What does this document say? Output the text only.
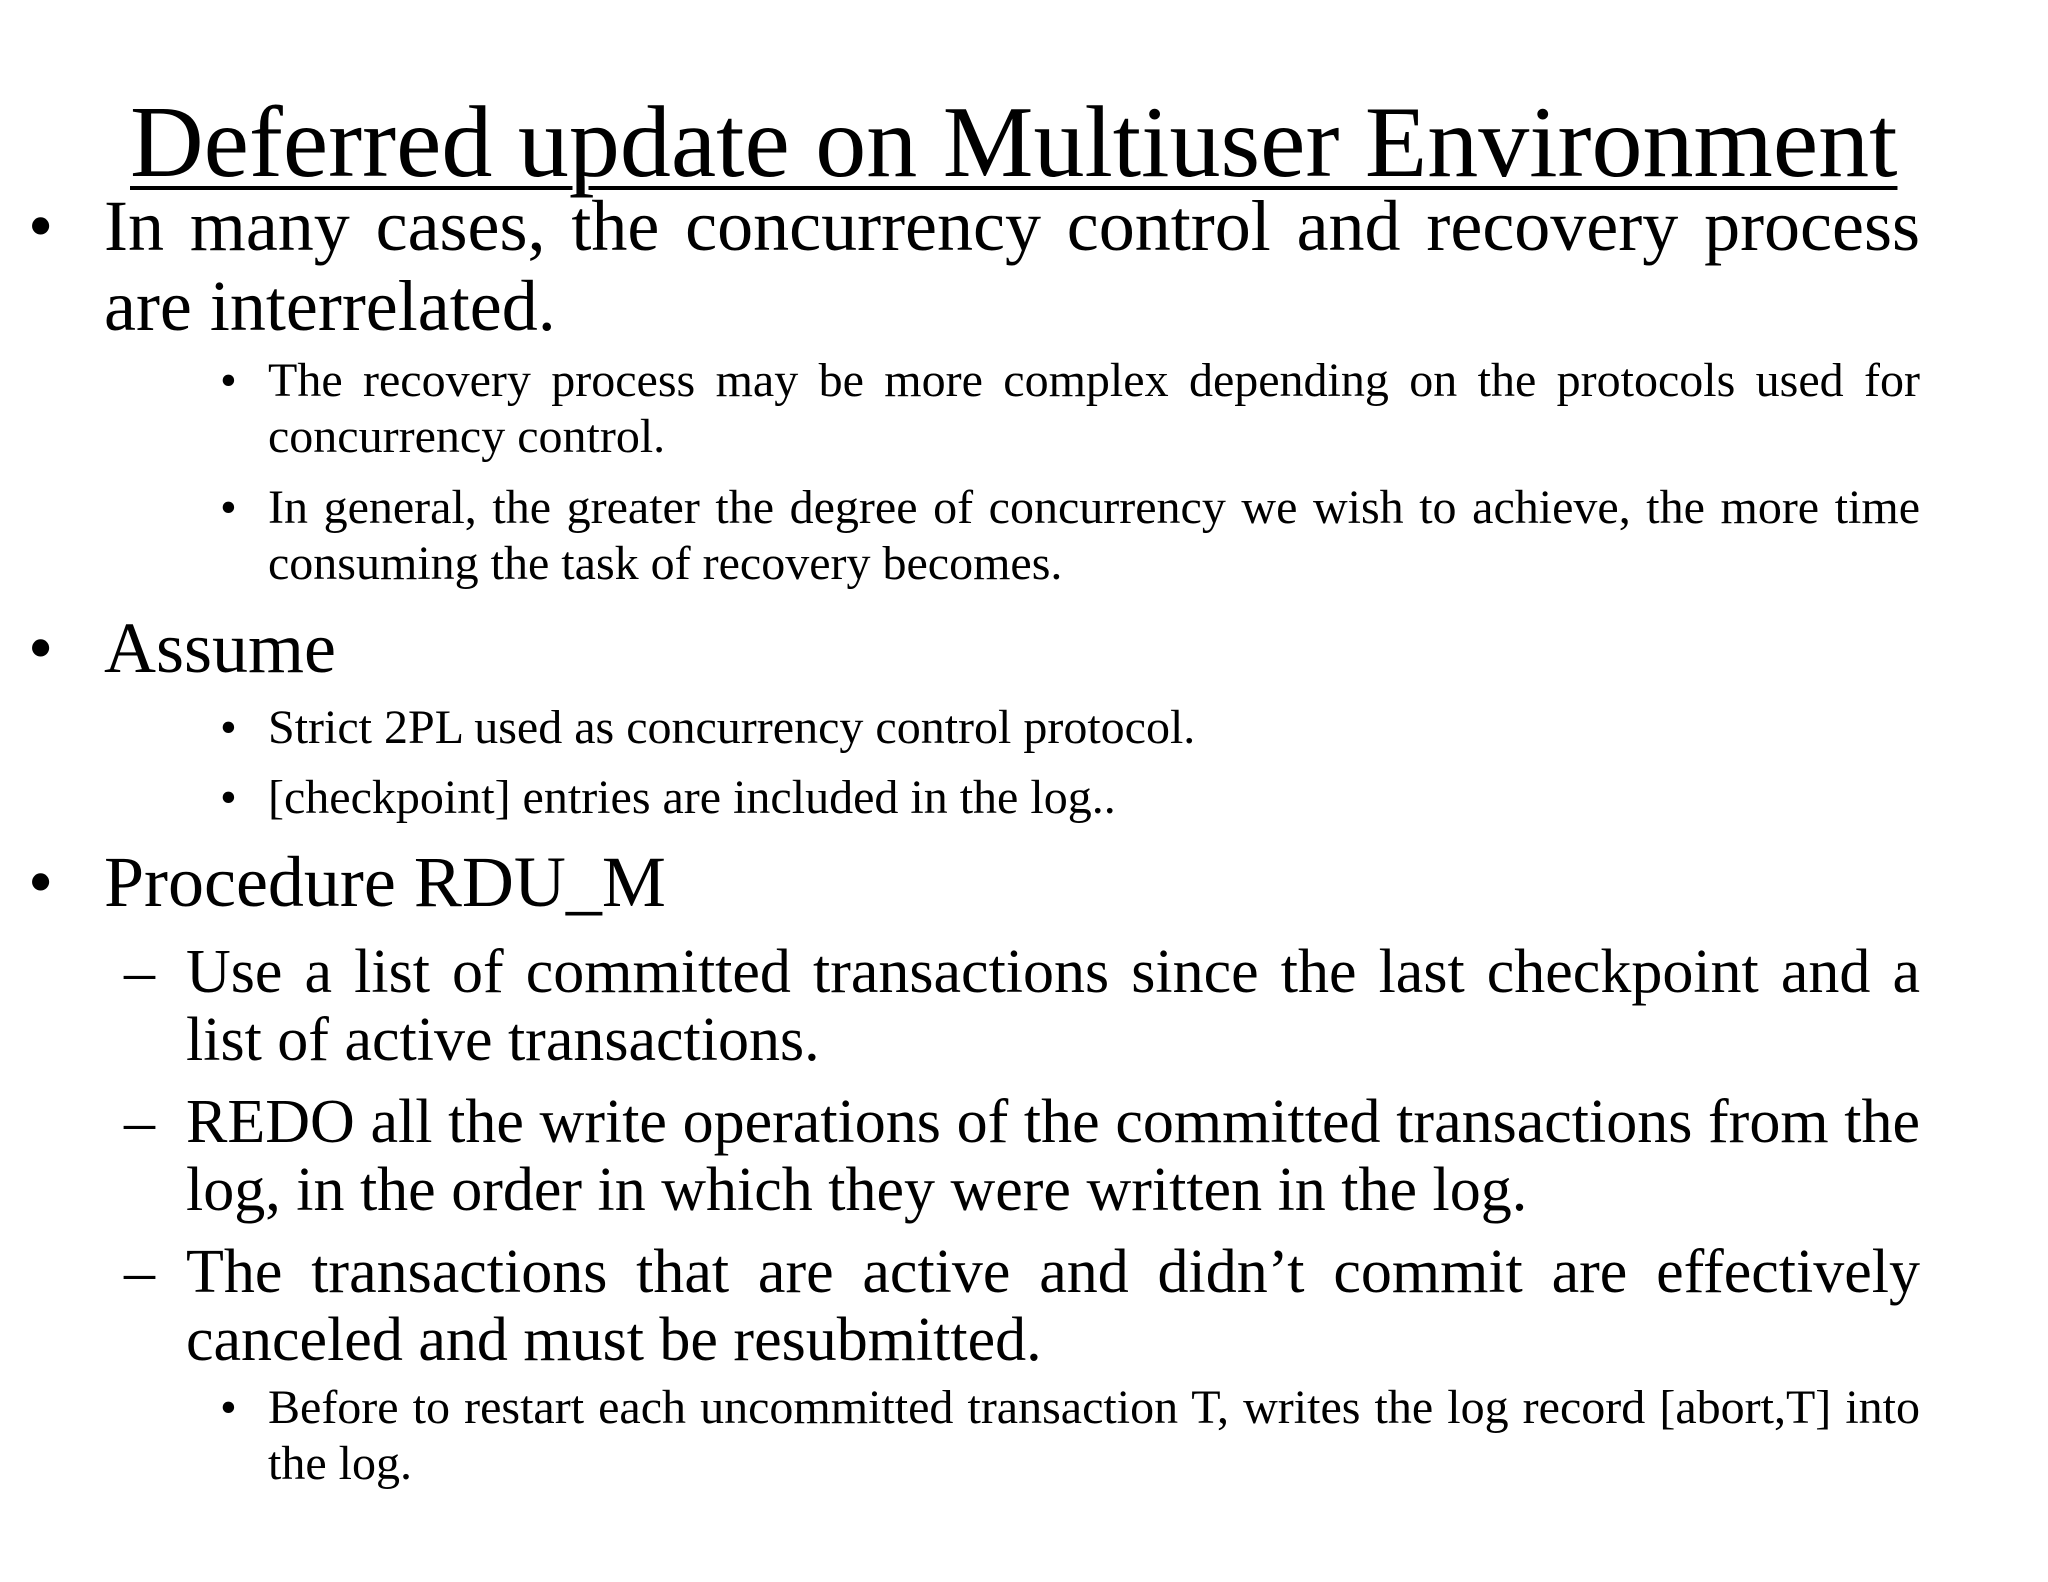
Deferred update on Multiuser Environment
• In many cases, the concurrency control and recovery process are interrelated.

• The recovery process may be more complex depending on the protocols used for concurrency control.

• In general, the greater the degree of concurrency we wish to achieve, the more time consuming the task of recovery becomes.

• Assume

• Strict 2PL used as concurrency control protocol.

• [checkpoint] entries are included in the log..

• Procedure RDU_M

– Use a list of committed transactions since the last checkpoint and a list of active transactions.

– REDO all the write operations of the committed transactions from the log, in the order in which they were written in the log.

– The transactions that are active and didn’t commit are effectively canceled and must be resubmitted.

• Before to restart each uncommitted transaction T, writes the log record [abort,T] into the log.
